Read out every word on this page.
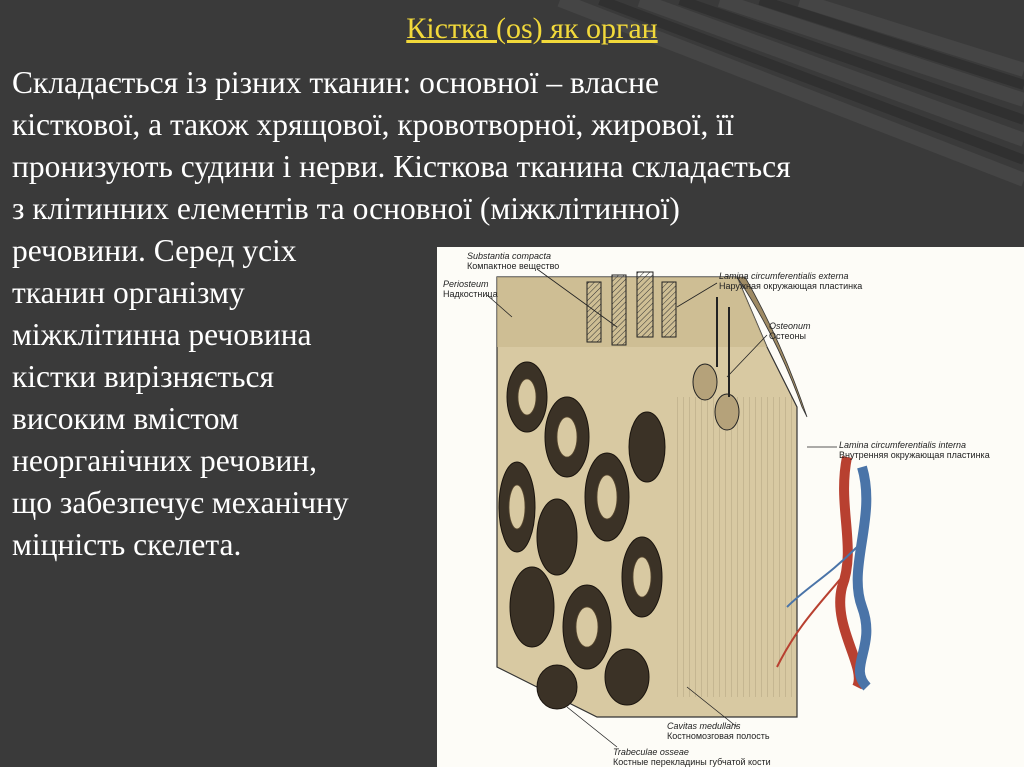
Кістка (os) як орган
Складається із різних тканин: основної – власне
кісткової, а також хрящової, кровотворної, жирової, її
пронизують судини і нерви. Кісткова тканина складається
з клітинних елементів та основної (міжклітинної)
речовини. Серед усіх
тканин організму
міжклітинна речовина
кістки вирізняється
високим вмістом
неорганічних речовин,
що забезпечує механічну
міцність скелета.
Substantia compacta
Компактное вещество
Periosteum
Надкостница
Lamina circumferentialis externa
Наружная окружающая пластинка
Osteonum
Остеоны
Lamina circumferentialis interna
Внутренняя окружающая пластинка
Cavitas medullaris
Костномозговая полость
Trabeculae osseae
Костные перекладины губчатой кости
